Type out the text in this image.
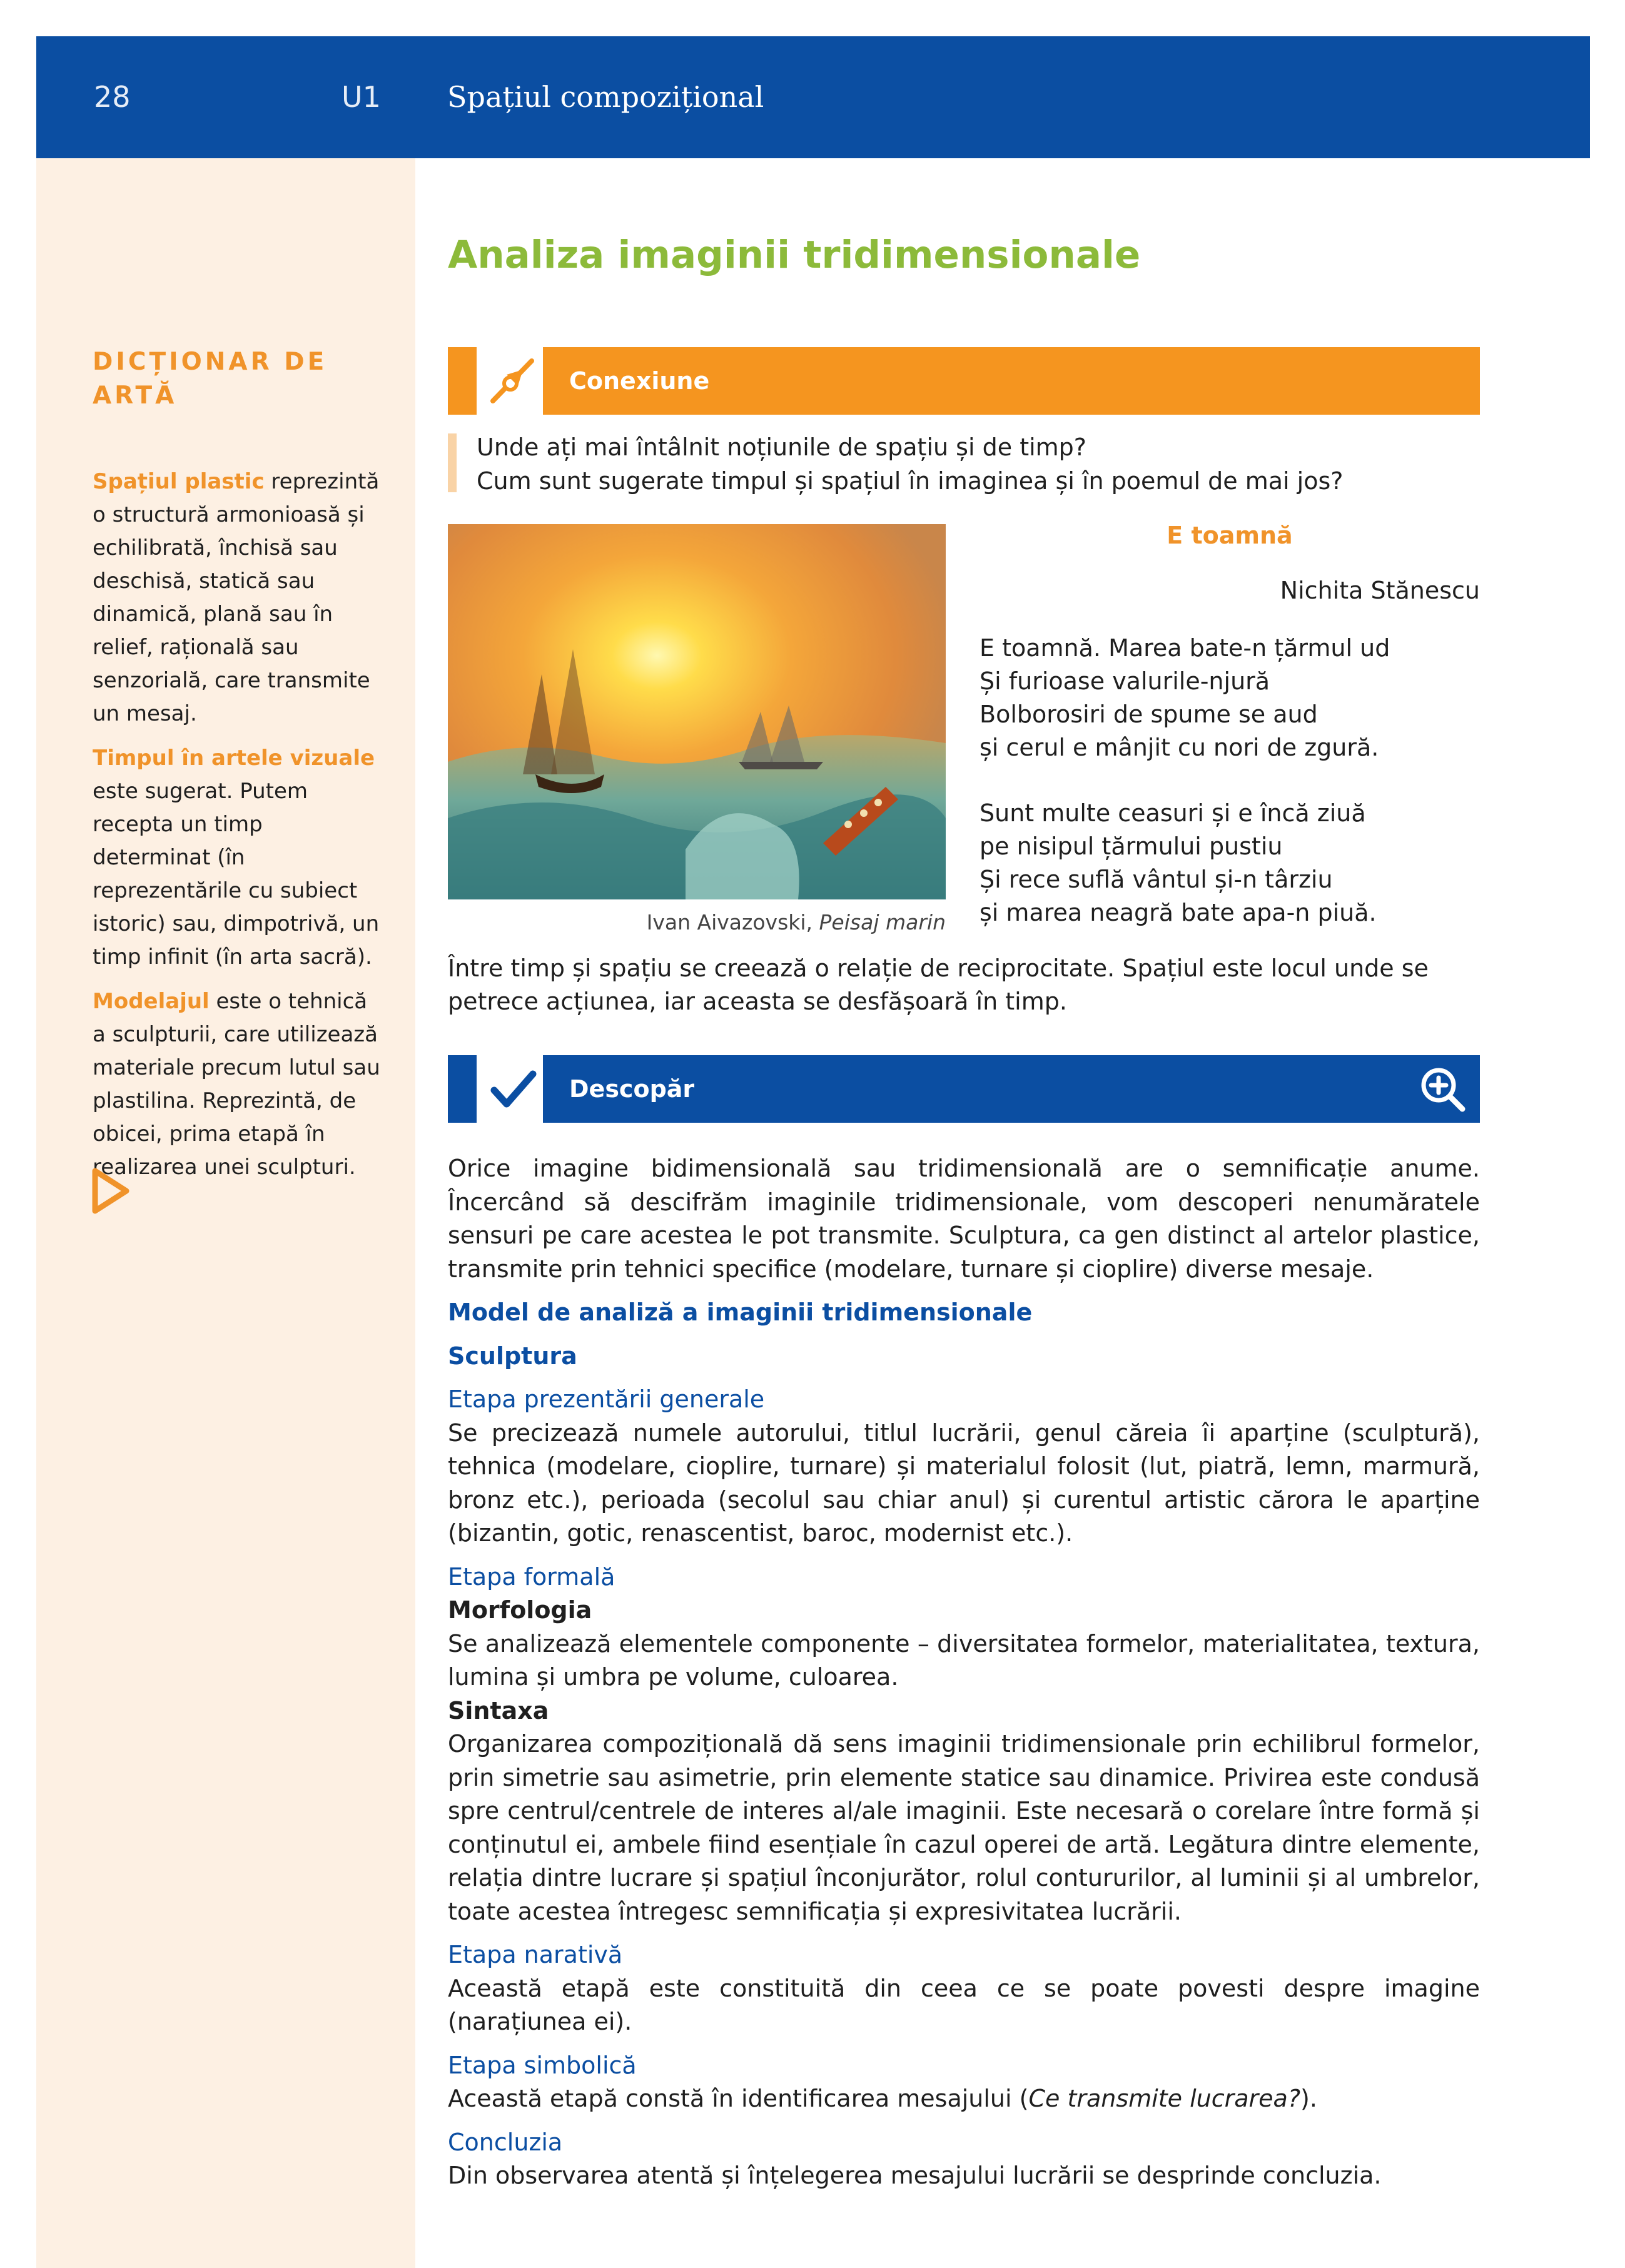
28	U1 Spațiul compozițional
DICȚIONAR DE ARTĂ

Spațiul plastic reprezintă o structură armonioasă și echilibrată, închisă sau deschisă, statică sau dinamică, plană sau în relief, rațională sau senzorială, care transmite un mesaj.

Timpul în artele vizuale este sugerat. Putem recepta un timp determinat (în reprezentările cu subiect istoric) sau, dimpotrivă, un timp infinit (în arta sacră).

Modelajul este o tehnică a sculpturii, care utilizează materiale precum lutul sau plastilina. Reprezintă, de obicei, prima etapă în realizarea unei sculpturi.

Analiza imaginii tridimensionale
Conexiune
Unde ați mai întâlnit noțiunile de spațiu și de timp?
Cum sunt sugerate timpul și spațiul în imaginea și în poemul de mai jos?
Ivan Aivazovski, Peisaj marin
E toamnă
Nichita Stănescu
E toamnă. Marea bate-n țărmul ud
Și furioase valurile-njură
Bolborosiri de spume se aud
și cerul e mânjit cu nori de zgură.
Sunt multe ceasuri și e încă ziuă
pe nisipul țărmului pustiu
Și rece suflă vântul și-n târziu
și marea neagră bate apa-n piuă.
Între timp și spațiu se creează o relație de reciprocitate. Spațiul este locul unde se petrece acțiunea, iar aceasta se desfășoară în timp.
Descopăr

Orice imagine bidimensională sau tridimensională are o semnificație anume. Încercând să descifrăm imaginile tridimensionale, vom descoperi nenumăratele sensuri pe care acestea le pot transmite. Sculptura, ca gen distinct al artelor plastice, transmite prin tehnici specifice (modelare, turnare și cioplire) diverse mesaje.

Model de analiză a imaginii tridimensionale

Sculptura

Etapa prezentării generale

Se precizează numele autorului, titlul lucrării, genul căreia îi aparține (sculptură), tehnica (modelare, cioplire, turnare) și materialul folosit (lut, piatră, lemn, marmură, bronz etc.), perioada (secolul sau chiar anul) și curentul artistic cărora le aparține (bizantin, gotic, renascentist, baroc, modernist etc.).

Etapa formală

Morfologia

Se analizează elementele componente – diversitatea formelor, materialitatea, textura, lumina și umbra pe volume, culoarea.

Sintaxa

Organizarea compozițională dă sens imaginii tridimensionale prin echilibrul formelor, prin simetrie sau asimetrie, prin elemente statice sau dinamice. Privirea este condusă spre centrul/centrele de interes al/ale imaginii. Este necesară o corelare între formă și conținutul ei, ambele fiind esențiale în cazul operei de artă. Legătura dintre elemente, relația dintre lucrare și spațiul înconjurător, rolul contururilor, al luminii și al umbrelor, toate acestea întregesc semnificația și expresivitatea lucrării.

Etapa narativă

Această etapă este constituită din ceea ce se poate povesti despre imagine (narațiunea ei).

Etapa simbolică

Această etapă constă în identificarea mesajului (Ce transmite lucrarea?).

Concluzia

Din observarea atentă și înțelegerea mesajului lucrării se desprinde concluzia.
